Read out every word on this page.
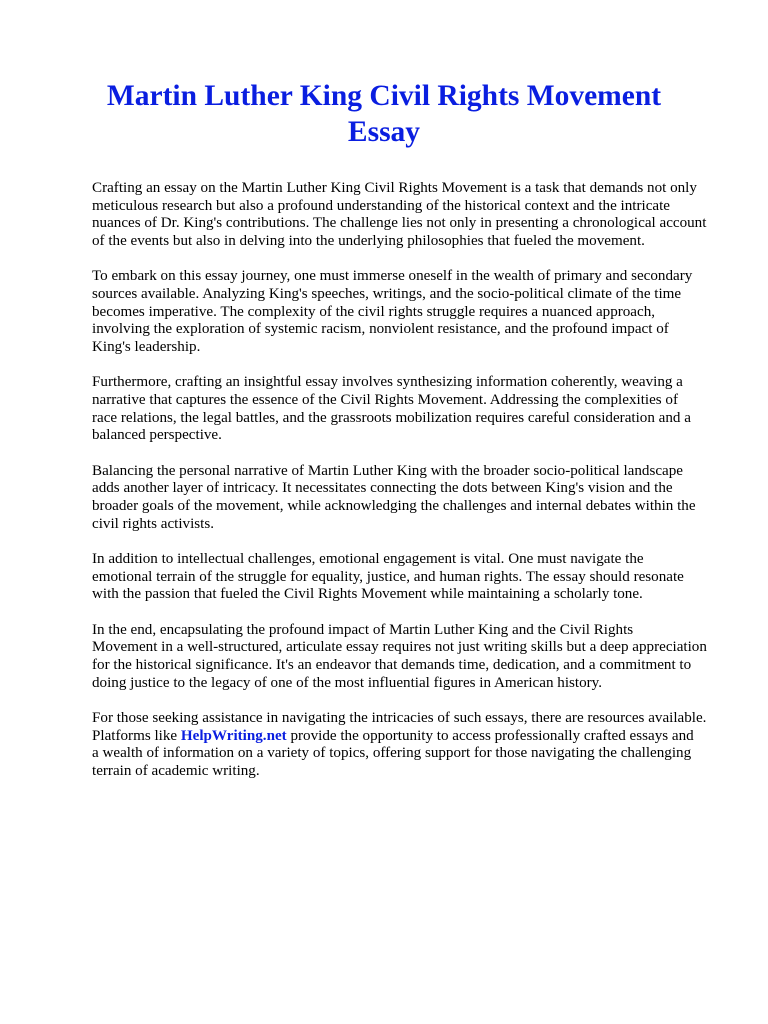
Martin Luther King Civil Rights Movement
Essay

Crafting an essay on the Martin Luther King Civil Rights Movement is a task that demands not only
meticulous research but also a profound understanding of the historical context and the intricate
nuances of Dr. King's contributions. The challenge lies not only in presenting a chronological account
of the events but also in delving into the underlying philosophies that fueled the movement.

To embark on this essay journey, one must immerse oneself in the wealth of primary and secondary
sources available. Analyzing King's speeches, writings, and the socio-political climate of the time
becomes imperative. The complexity of the civil rights struggle requires a nuanced approach,
involving the exploration of systemic racism, nonviolent resistance, and the profound impact of
King's leadership.

Furthermore, crafting an insightful essay involves synthesizing information coherently, weaving a
narrative that captures the essence of the Civil Rights Movement. Addressing the complexities of
race relations, the legal battles, and the grassroots mobilization requires careful consideration and a
balanced perspective.

Balancing the personal narrative of Martin Luther King with the broader socio-political landscape
adds another layer of intricacy. It necessitates connecting the dots between King's vision and the
broader goals of the movement, while acknowledging the challenges and internal debates within the
civil rights activists.

In addition to intellectual challenges, emotional engagement is vital. One must navigate the
emotional terrain of the struggle for equality, justice, and human rights. The essay should resonate
with the passion that fueled the Civil Rights Movement while maintaining a scholarly tone.

In the end, encapsulating the profound impact of Martin Luther King and the Civil Rights
Movement in a well-structured, articulate essay requires not just writing skills but a deep appreciation
for the historical significance. It's an endeavor that demands time, dedication, and a commitment to
doing justice to the legacy of one of the most influential figures in American history.

For those seeking assistance in navigating the intricacies of such essays, there are resources available.
Platforms like HelpWriting.net provide the opportunity to access professionally crafted essays and
a wealth of information on a variety of topics, offering support for those navigating the challenging
terrain of academic writing.
